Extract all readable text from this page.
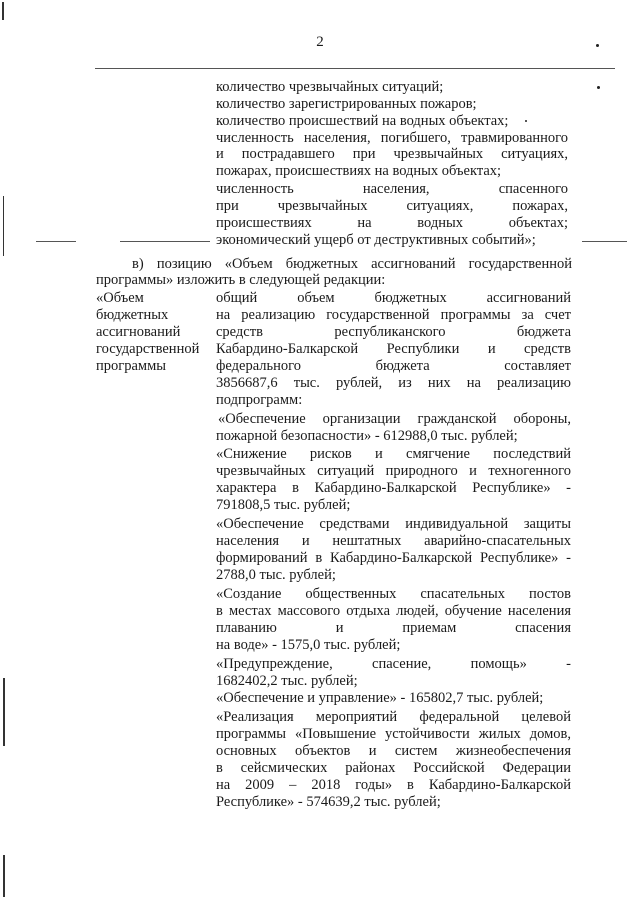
2
количество чрезвычайных ситуаций;
количество зарегистрированных пожаров;
количество происшествий на водных объектах;
численность населения, погибшего, травмированного
и пострадавшего при чрезвычайных ситуациях,
пожарах, происшествиях на водных объектах;
численность населения, спасенного
при чрезвычайных ситуациях, пожарах,
происшествиях на водных объектах;
экономический ущерб от деструктивных событий»;
в) позицию «Объем бюджетных ассигнований государственной
программы» изложить в следующей редакции:
«Объем
бюджетных
ассигнований
государственной
программы
общий объем бюджетных ассигнований
на реализацию государственной программы за счет
средств республиканского бюджета
Кабардино-Балкарской Республики и средств
федерального бюджета составляет
3856687,6 тыс. рублей, из них на реализацию
подпрограмм:
«Обеспечение организации гражданской обороны,
пожарной безопасности» - 612988,0 тыс. рублей;
«Снижение рисков и смягчение последствий
чрезвычайных ситуаций природного и техногенного
характера в Кабардино-Балкарской Республике» -
791808,5 тыс. рублей;
«Обеспечение средствами индивидуальной защиты
населения и нештатных аварийно-спасательных
формирований в Кабардино-Балкарской Республике» -
2788,0 тыс. рублей;
«Создание общественных спасательных постов
в местах массового отдыха людей, обучение населения
плаванию и приемам спасения
на воде» - 1575,0 тыс. рублей;
«Предупреждение, спасение, помощь» -
1682402,2 тыс. рублей;
«Обеспечение и управление» - 165802,7 тыс. рублей;
«Реализация мероприятий федеральной целевой
программы «Повышение устойчивости жилых домов,
основных объектов и систем жизнеобеспечения
в сейсмических районах Российской Федерации
на 2009 – 2018 годы» в Кабардино-Балкарской
Республике» - 574639,2 тыс. рублей;
